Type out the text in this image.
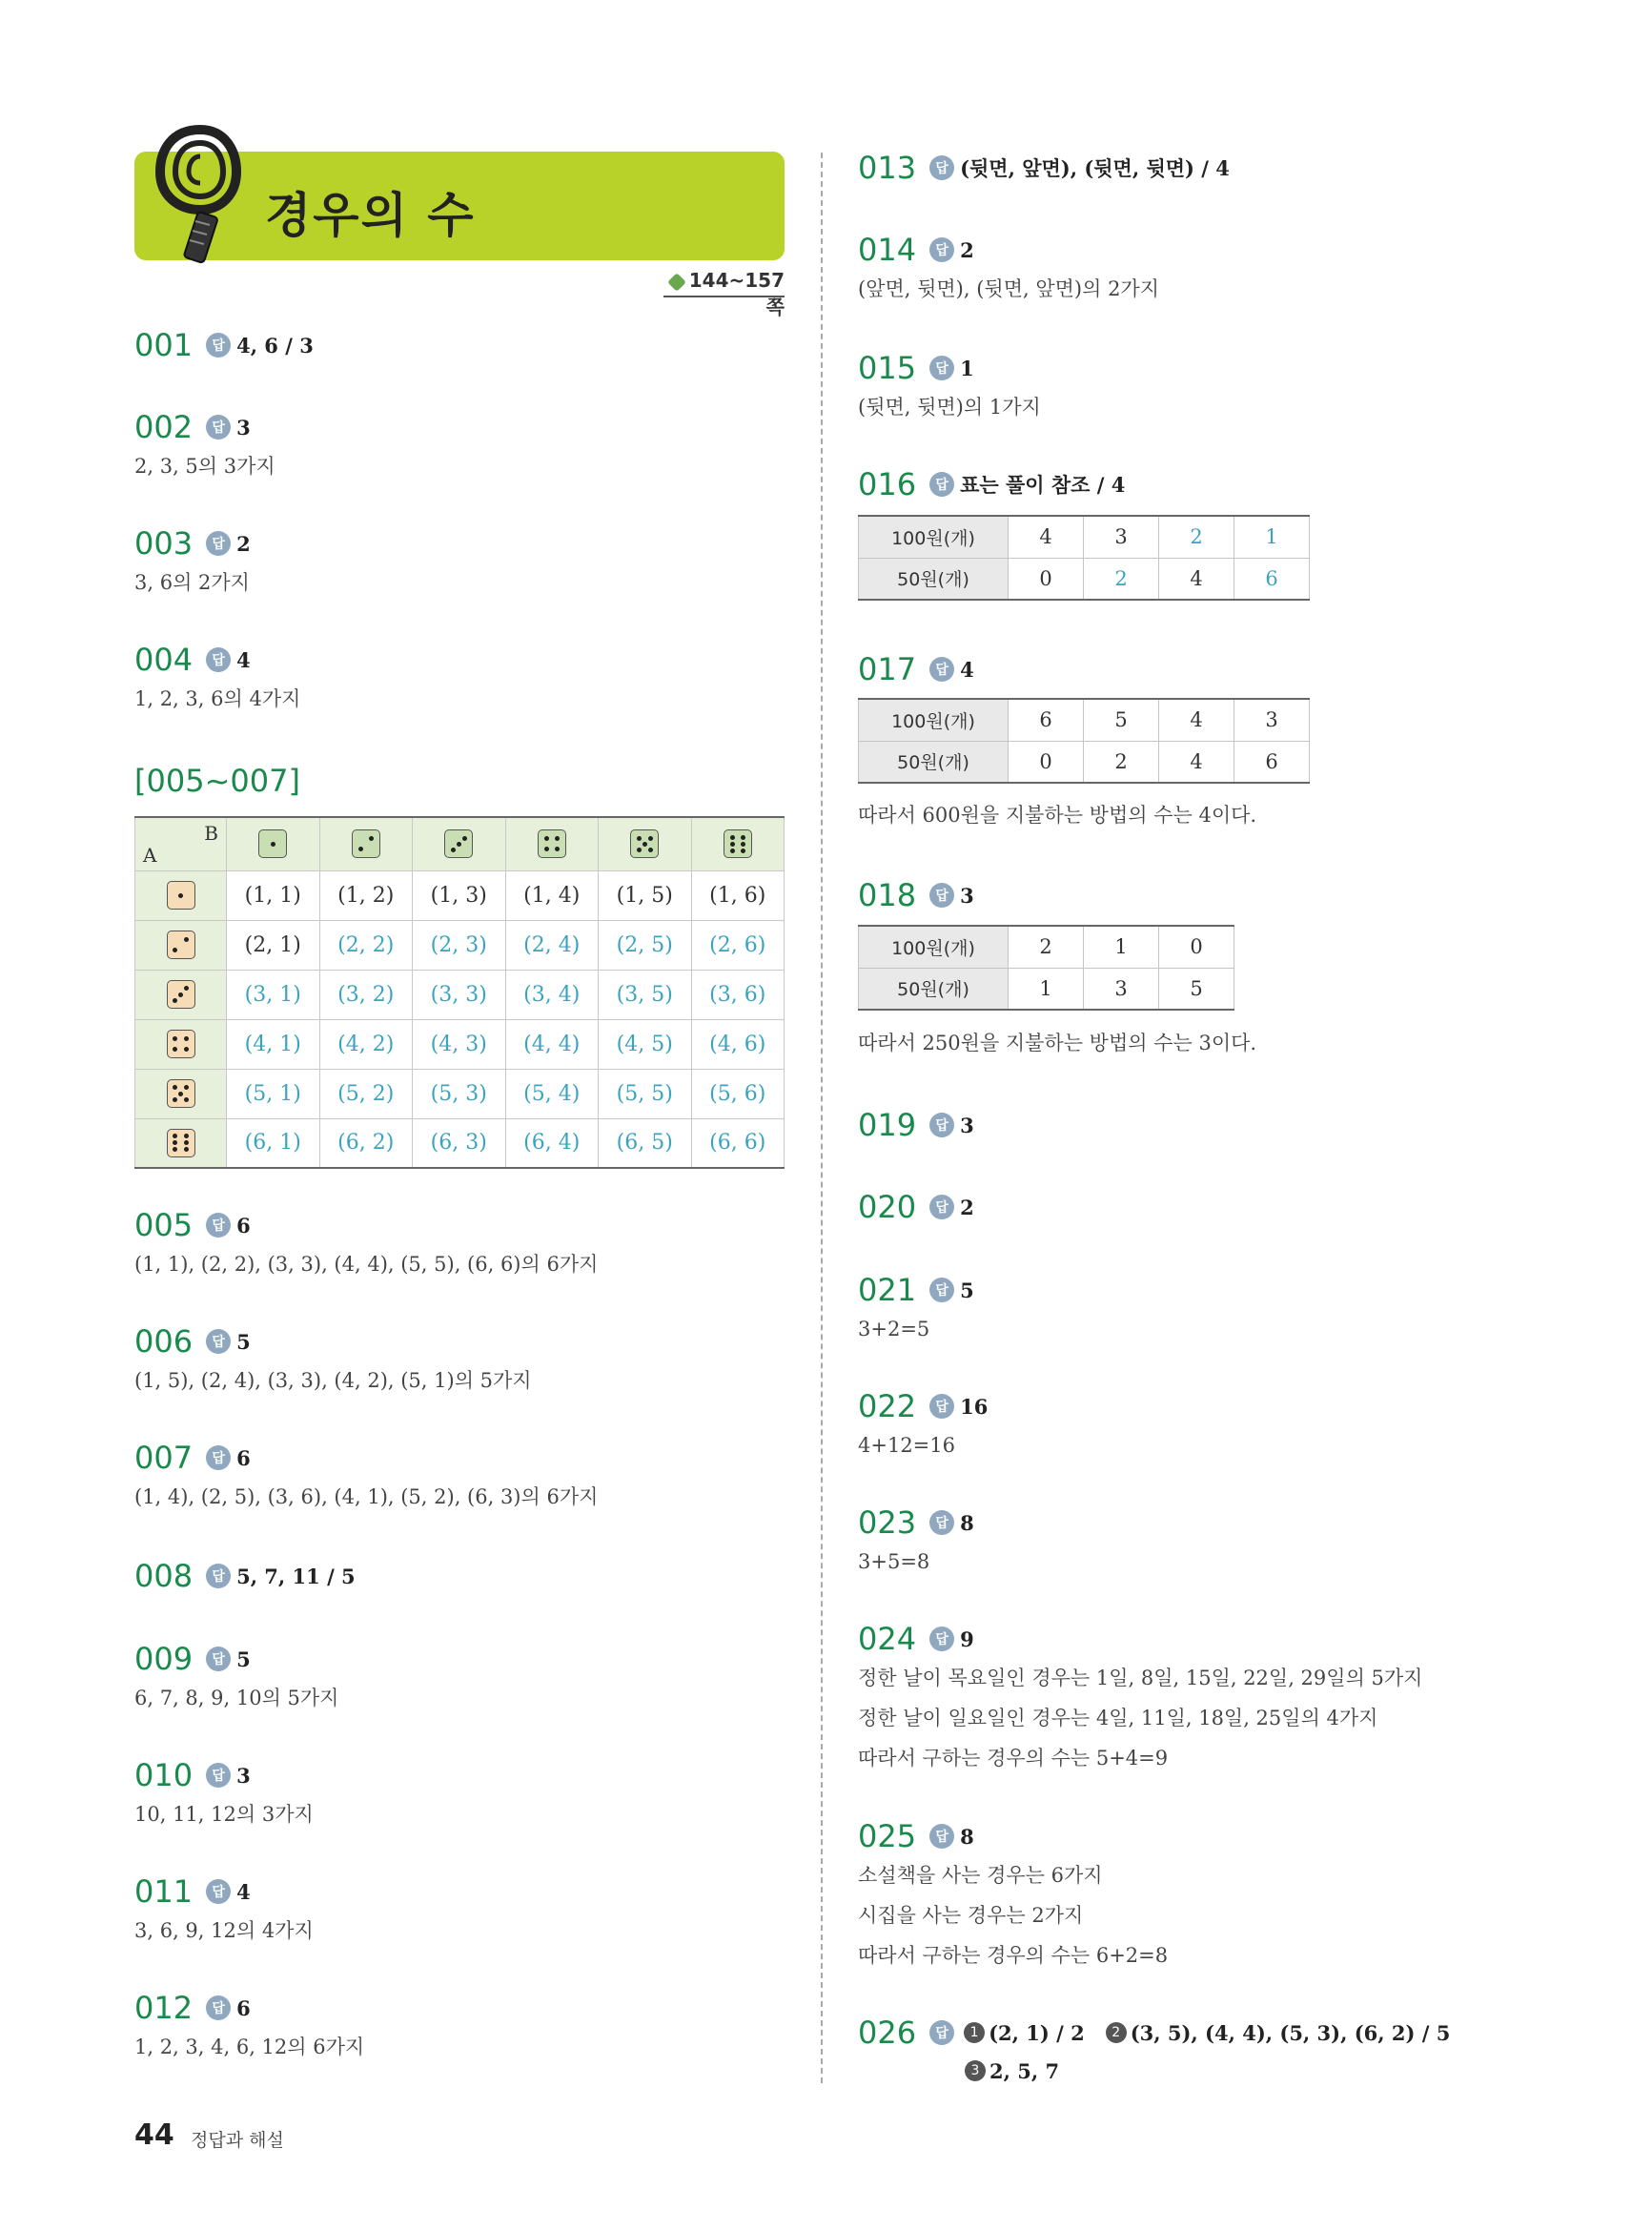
경우의 수
144~157쪽
001	답 4, 6 / 3
002	답 3
2, 3, 5의 3가지
003	답 2
3, 6의 2가지
004	답 4
1, 2, 3, 6의 4가지
[005~007]
B
A						

	(1, 1)	(1, 2)	(1, 3)	(1, 4)	(1, 5)	(1, 6)

	(2, 1)	(2, 2)	(2, 3)	(2, 4)	(2, 5)	(2, 6)

	(3, 1)	(3, 2)	(3, 3)	(3, 4)	(3, 5)	(3, 6)

	(4, 1)	(4, 2)	(4, 3)	(4, 4)	(4, 5)	(4, 6)

	(5, 1)	(5, 2)	(5, 3)	(5, 4)	(5, 5)	(5, 6)

	(6, 1)	(6, 2)	(6, 3)	(6, 4)	(6, 5)	(6, 6)
005	답 6
(1, 1), (2, 2), (3, 3), (4, 4), (5, 5), (6, 6)의 6가지
006	답 5
(1, 5), (2, 4), (3, 3), (4, 2), (5, 1)의 5가지
007	답 6
(1, 4), (2, 5), (3, 6), (4, 1), (5, 2), (6, 3)의 6가지
008	답 5, 7, 11 / 5
009	답 5
6, 7, 8, 9, 10의 5가지
010	답 3
10, 11, 12의 3가지
011	답 4
3, 6, 9, 12의 4가지
012	답 6
1, 2, 3, 4, 6, 12의 6가지
013	답 (뒷면, 앞면), (뒷면, 뒷면) / 4
014	답 2
(앞면, 뒷면), (뒷면, 앞면)의 2가지
015	답 1
(뒷면, 뒷면)의 1가지
016	답 표는 풀이 참조 / 4
017	답 4
018	답 3
019	답 3
020	답 2
021	답 5
3+2=5
022	답 16
4+12=16
023	답 8
3+5=8
024	답 9
정한 날이 목요일인 경우는 1일, 8일, 15일, 22일, 29일의 5가지
정한 날이 일요일인 경우는 4일, 11일, 18일, 25일의 4가지
따라서 구하는 경우의 수는 5+4=9
025	답 8
소설책을 사는 경우는 6가지
시집을 사는 경우는 2가지
따라서 구하는 경우의 수는 6+2=8
026	답	1 (2, 1) / 2	2 (3, 5), (4, 4), (5, 3), (6, 2) / 5
3 2, 5, 7
100원(개)	4	3	2	1
50원(개)	0	2	4	6
100원(개)	6	5	4	3
50원(개)	0	2	4	6
100원(개)	2	1	0
50원(개)	1	3	5
따라서 600원을 지불하는 방법의 수는 4이다.
따라서 250원을 지불하는 방법의 수는 3이다.
44 정답과 해설
